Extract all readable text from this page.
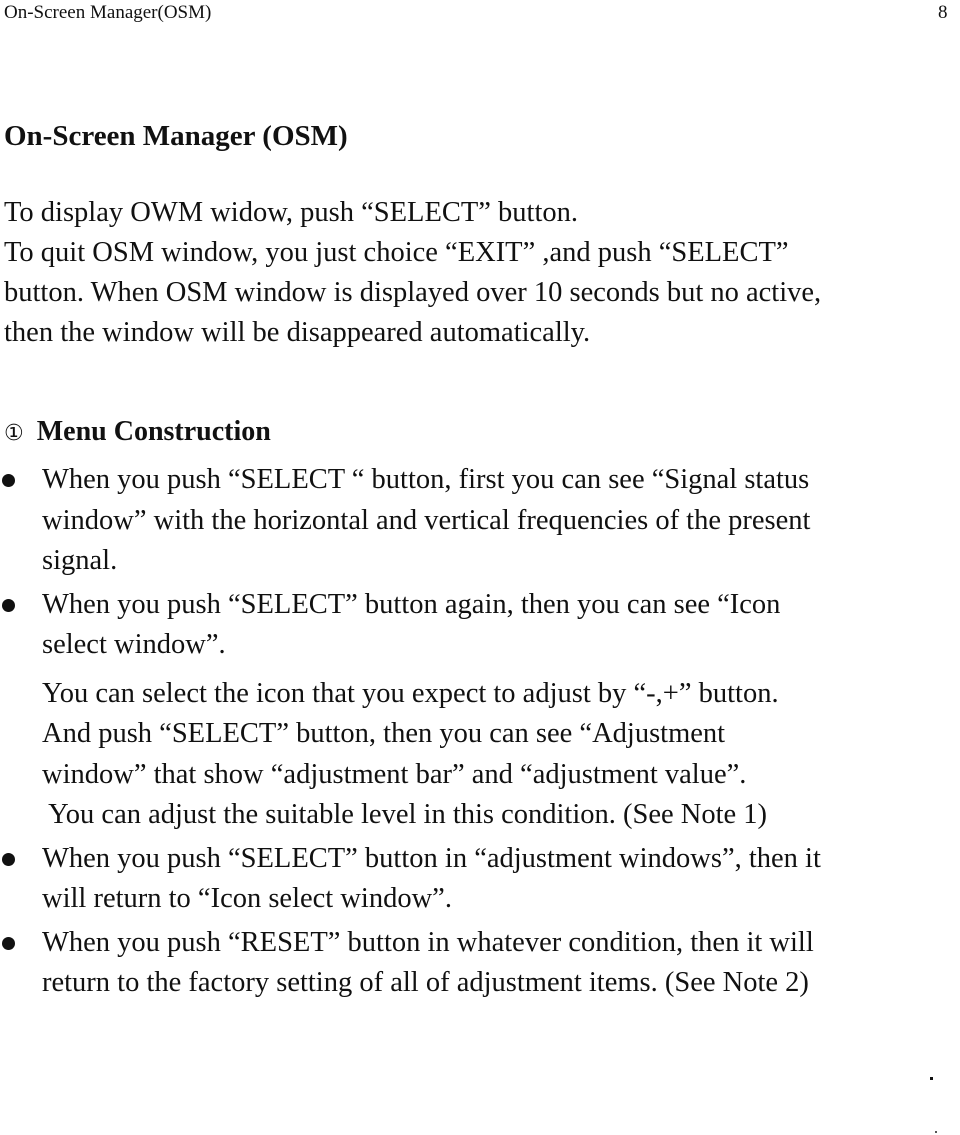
On-Screen Manager(OSM)	8
On-Screen Manager (OSM)

To display OWM widow, push “SELECT” button.

To quit OSM window, you just choice “EXIT” ,and push “SELECT”

button. When OSM window is displayed over 10 seconds but no active,

then the window will be disappeared automatically.

① Menu Construction
When you push “SELECT “ button, first you can see “Signal status
window” with the horizontal and vertical frequencies of the present
signal.
When you push “SELECT” button again, then you can see “Icon
select window”.
You can select the icon that you expect to adjust by “-,+” button.
And push “SELECT” button, then you can see “Adjustment
window” that show “adjustment bar” and “adjustment value”.
You can adjust the suitable level in this condition. (See Note 1)
When you push “SELECT” button in “adjustment windows”, then it
will return to “Icon select window”.
When you push “RESET” button in whatever condition, then it will
return to the factory setting of all of adjustment items. (See Note 2)
